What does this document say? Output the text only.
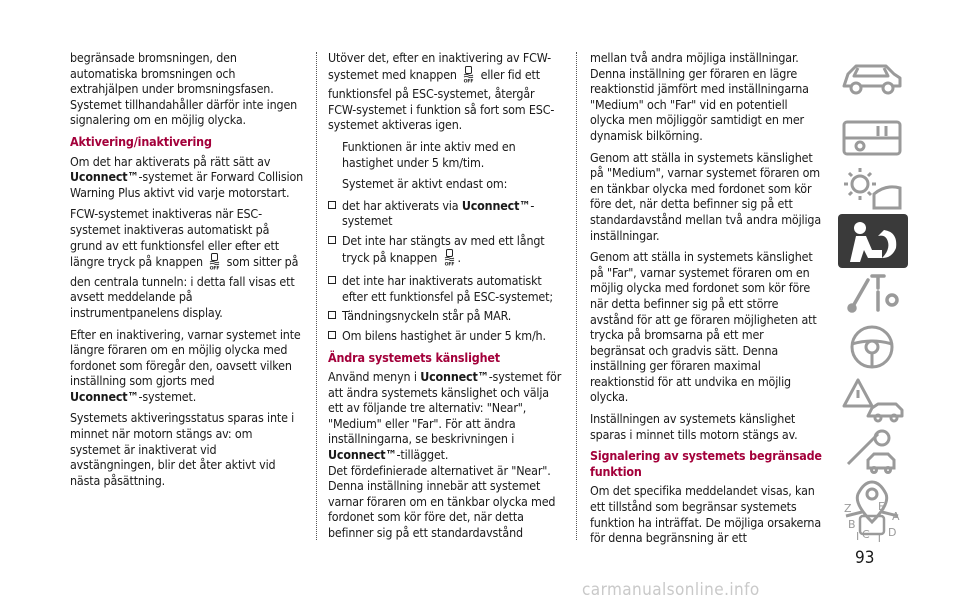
begränsade bromsningen, den automatiska bromsningen och extrahjälpen under bromsningsfasen. Systemet tillhandahåller därför inte ingen signalering om en möjlig olycka.

Aktivering/inaktivering

Om det har aktiverats på rätt sätt av
Uconnect™-systemet är Forward Collision Warning Plus aktivt vid varje motorstart.

FCW-systemet inaktiveras när ESC-systemet inaktiveras automatiskt på grund av ett funktionsfel eller efter ett längre tryck på knappen OFF som sitter på den centrala tunneln: i detta fall visas ett avsett meddelande på instrumentpanelens display.

Efter en inaktivering, varnar systemet inte längre föraren om en möjlig olycka med fordonet som föregår den, oavsett vilken inställning som gjorts med
Uconnect™-systemet.

Systemets aktiveringsstatus sparas inte i minnet när motorn stängs av: om systemet är inaktiverat vid avstängningen, blir det åter aktivt vid nästa påsättning.

Utöver det, efter en inaktivering av FCW-systemet med knappen OFF eller fid ett funktionsfel på ESC-systemet, återgår FCW-systemet i funktion så fort som ESC-systemet aktiveras igen.

Funktionen är inte aktiv med en hastighet under 5 km/tim.

Systemet är aktivt endast om:

det har aktiverats via Uconnect™-systemet
Det inte har stängts av med ett långt tryck på knappen OFF .
det inte har inaktiverats automatiskt efter ett funktionsfel på ESC-systemet;
Tändningsnyckeln står på MAR.
Om bilens hastighet är under 5 km/h.
Ändra systemets känslighet

Använd menyn i Uconnect™-systemet för att ändra systemets känslighet och välja ett av följande tre alternativ: "Near", "Medium" eller "Far". För att ändra inställningarna, se beskrivningen i
Uconnect™-tillägget.

Det fördefinierade alternativet är "Near". Denna inställning innebär att systemet varnar föraren om en tänkbar olycka med fordonet som kör före det, när detta befinner sig på ett standardavstånd

mellan två andra möjliga inställningar. Denna inställning ger föraren en lägre reaktionstid jämfört med inställningarna "Medium" och "Far" vid en potentiell olycka men möjliggör samtidigt en mer dynamisk bilkörning.

Genom att ställa in systemets känslighet på "Medium", varnar systemet föraren om en tänkbar olycka med fordonet som kör före det, när detta befinner sig på ett standardavstånd mellan två andra möjliga inställningar.

Genom att ställa in systemets känslighet på "Far", varnar systemet föraren om en möjlig olycka med fordonet som kör före när detta befinner sig på ett större avstånd för att ge föraren möjligheten att trycka på bromsarna på ett mer begränsat och gradvis sätt. Denna inställning ger föraren maximal reaktionstid för att undvika en möjlig olycka.

Inställningen av systemets känslighet sparas i minnet tills motorn stängs av.

Signalering av systemets begränsade funktion

Om det specifika meddelandet visas, kan ett tillstånd som begränsar systemets funktion ha inträffat. De möjliga orsakerna för denna begränsning är ett

Z E
A
B
C D
T
I
93
carmanualsonline.info
